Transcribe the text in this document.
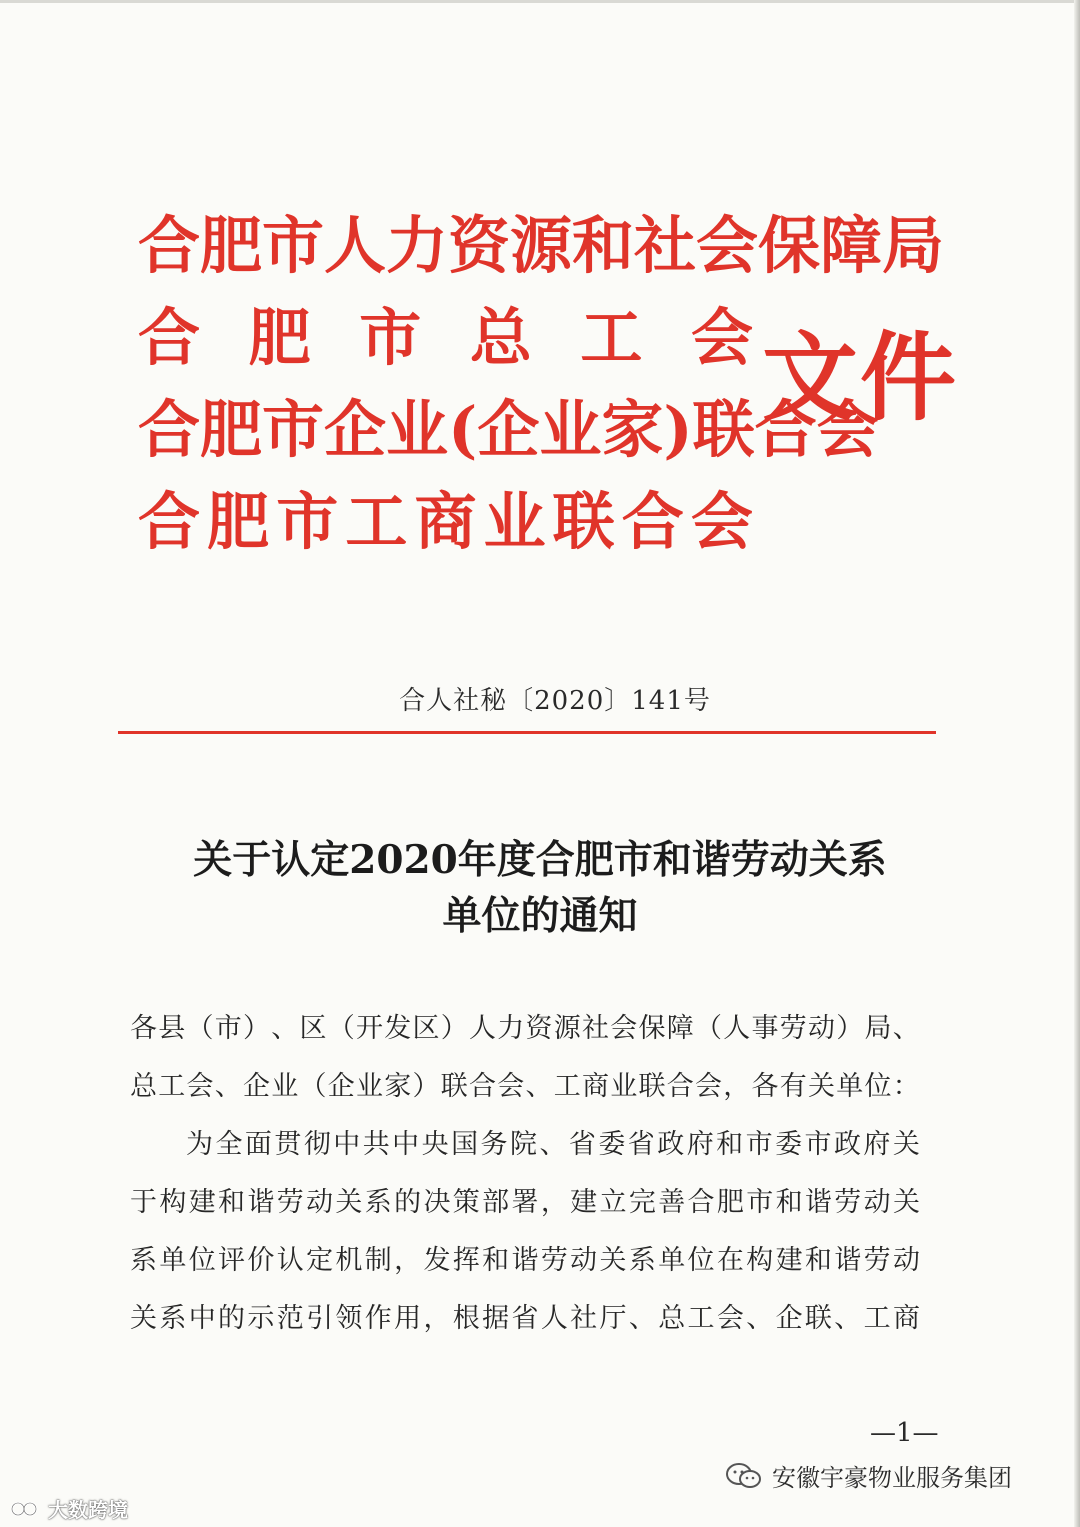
合肥市人力资源和社会保障局
合 肥 市 总 工 会
合肥市企业(企业家)联合会
合 肥 市 工 商 业 联 合 会
文件
合人社秘〔2020〕141号
关于认定2020年度合肥市和谐劳动关系
单位的通知
各 县 （ 市 ） 、 区 （ 开 发 区 ） 人 力 资 源 社 会 保 障 （ 人 事 劳 动 ） 局 、
总 工 会 、 企 业 （ 企 业 家 ） 联 合 会 、 工 商 业 联 合 会 ， 各 有 关 单 位 ：
为 全 面 贯 彻 中 共 中 央 国 务 院 、 省 委 省 政 府 和 市 委 市 政 府 关
于 构 建 和 谐 劳 动 关 系 的 决 策 部 署 ， 建 立 完 善 合 肥 市 和 谐 劳 动 关
系 单 位 评 价 认 定 机 制 ， 发 挥 和 谐 劳 动 关 系 单 位 在 构 建 和 谐 劳 动
关 系 中 的 示 范 引 领 作 用 ， 根 据 省 人 社 厅 、 总 工 会 、 企 联 、 工 商
—1—
大数跨境
安徽宇豪物业服务集团
